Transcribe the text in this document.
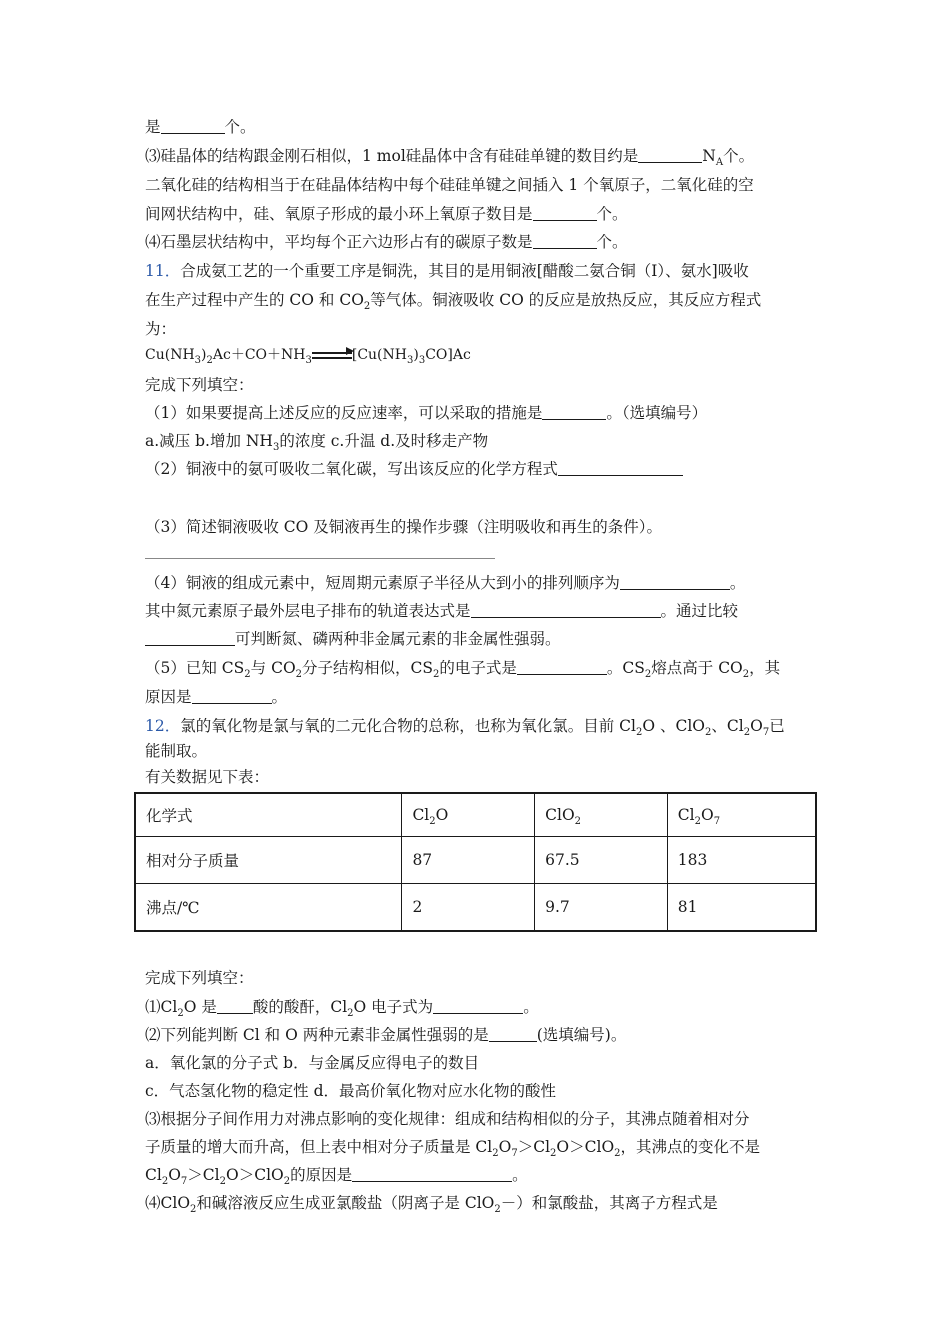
是	个。
⑶硅晶体的结构跟金刚石相似，1 mol硅晶体中含有硅硅单键的数目约是	$N_A$个。
二氧化硅的结构相当于在硅晶体结构中每个硅硅单键之间插入 1 个氧原子，二氧化硅的空
间网状结构中，硅、氧原子形成的最小环上氧原子数目是	个。
⑷石墨层状结构中，平均每个正六边形占有的碳原子数是	个。
11．合成氨工艺的一个重要工序是铜洗，其目的是用铜液[醋酸二氨合铜（Ⅰ）、氨水]吸收
在生产过程中产生的 CO 和 $CO_2$等气体。铜液吸收 CO 的反应是放热反应，其反应方程式
为：
$Cu(NH_3)_2Ac+CO+NH_3$	$[Cu(NH_3)_3CO]Ac$
完成下列填空：
（1）如果要提高上述反应的反应速率，可以采取的措施是	。（选填编号）
a.减压 b.增加 $NH_3$的浓度 c.升温 d.及时移走产物
（2）铜液中的氨可吸收二氧化碳，写出该反应的化学方程式
（3）简述铜液吸收 CO 及铜液再生的操作步骤（注明吸收和再生的条件）。
（4）铜液的组成元素中，短周期元素原子半径从大到小的排列顺序为	。
其中氮元素原子最外层电子排布的轨道表达式是	。通过比较
可判断氮、磷两种非金属元素的非金属性强弱。
（5）已知 $CS_2$与 $CO_2$分子结构相似，$CS_2$的电子式是	。$CS_2$熔点高于 $CO_2$，其
原因是	。
12．氯的氧化物是氯与氧的二元化合物的总称，也称为氧化氯。目前 $Cl_2O$ 、ClO$_2$、$Cl_2O_7$已
能制取。
有关数据见下表：
化学式	$Cl_2O$	ClO$_2$	$Cl_2O_7$
相对分子质量	87	67.5	183
沸点/℃	2	9.7	81
完成下列填空：
$⑴Cl_2O$ 是 酸的酸酐，$Cl_2O$ 电子式为	。
⑵下列能判断 Cl 和 O 两种元素非金属性强弱的是	(选填编号)。
a．氧化氯的分子式 b．与金属反应得电子的数目
c．气态氢化物的稳定性 d．最高价氧化物对应水化物的酸性
⑶根据分子间作用力对沸点影响的变化规律：组成和结构相似的分子，其沸点随着相对分
子质量的增大而升高，但上表中相对分子质量是 $Cl_2O_7>Cl_2O>ClO_2$，其沸点的变化不是
$Cl_2O_7>Cl_2O>ClO_2$的原因是	。
⑷ClO$_2$和碱溶液反应生成亚氯酸盐（阴离子是 ClO$_2$－）和氯酸盐，其离子方程式是
